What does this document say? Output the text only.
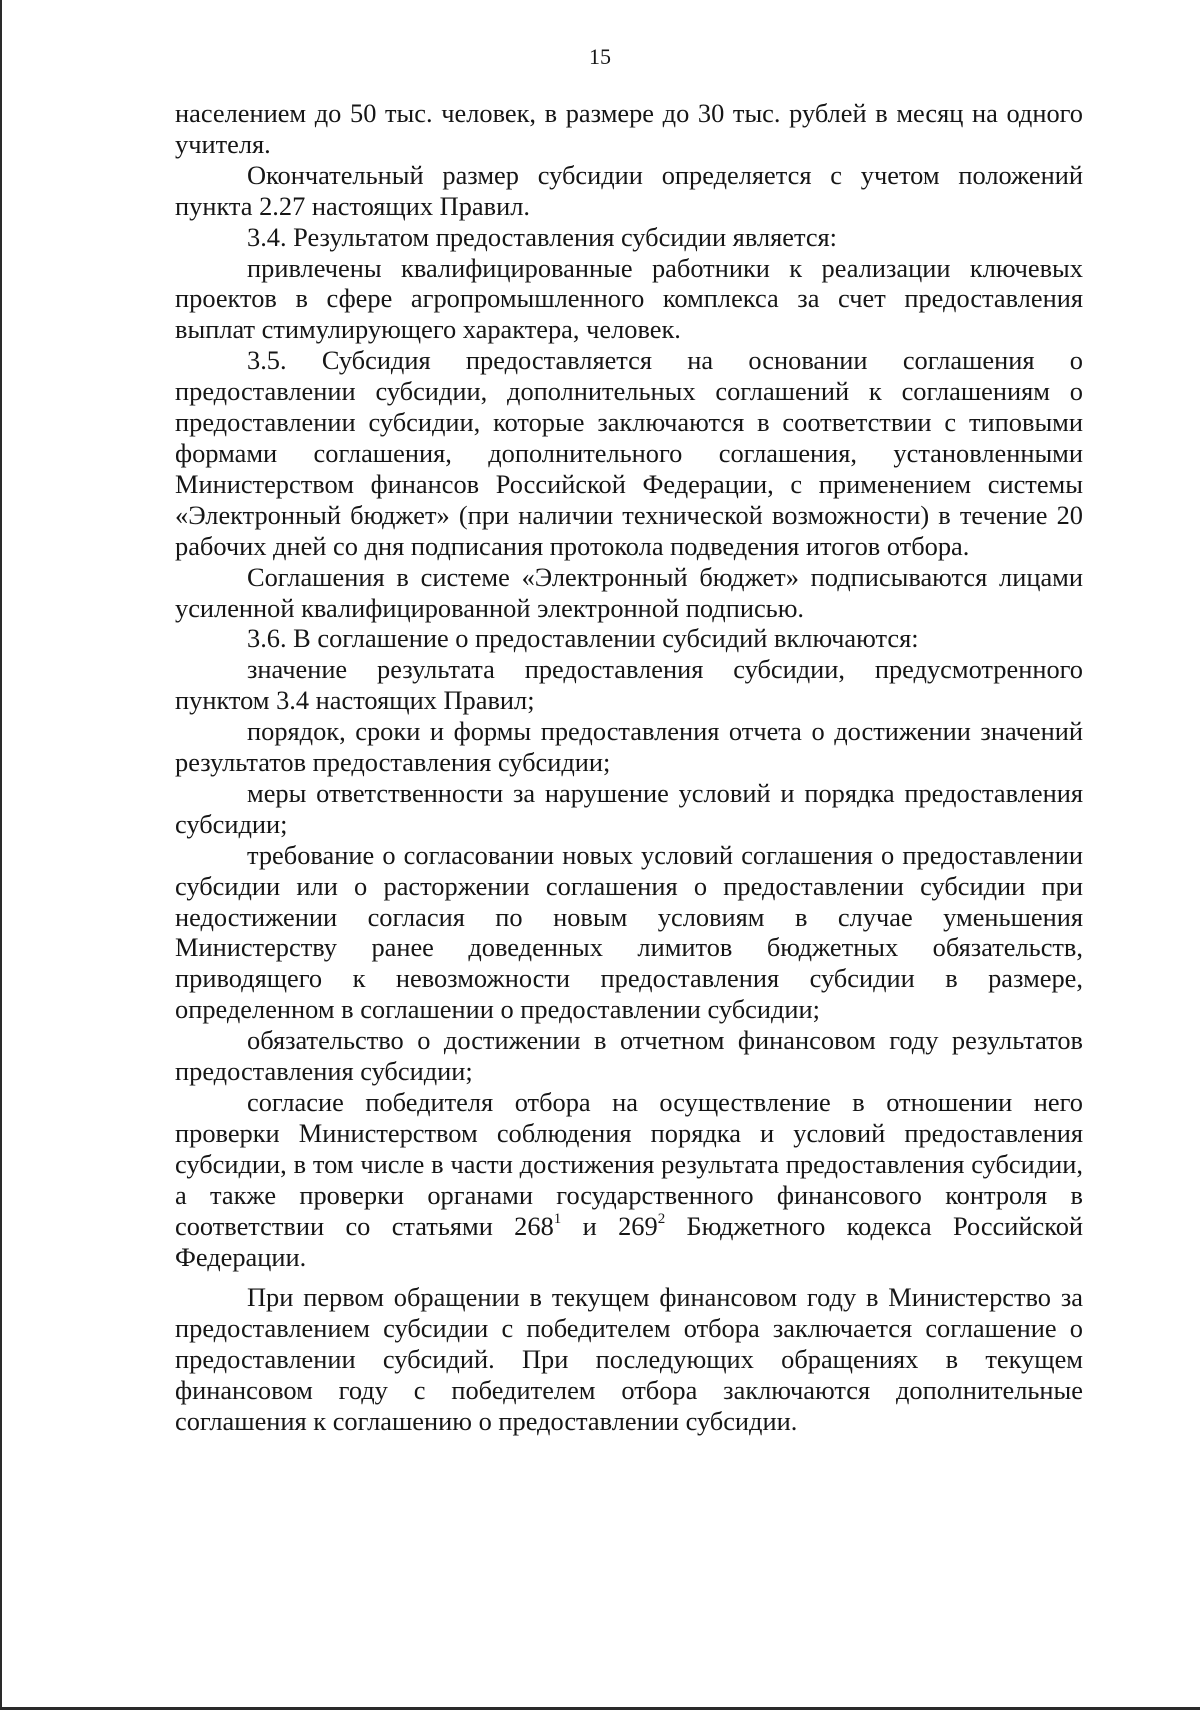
15

населением до 50 тыс. человек, в размере до 30 тыс. рублей в месяц на одного учителя.

Окончательный размер субсидии определяется с учетом положений пункта 2.27 настоящих Правил.

3.4. Результатом предоставления субсидии является:

привлечены квалифицированные работники к реализации ключевых проектов в сфере агропромышленного комплекса за счет предоставления выплат стимулирующего характера, человек.

3.5. Субсидия предоставляется на основании соглашения о предоставлении субсидии, дополнительных соглашений к соглашениям о предоставлении субсидии, которые заключаются в соответствии с типовыми формами соглашения, дополнительного соглашения, установленными Министерством финансов Российской Федерации, с применением системы «Электронный бюджет» (при наличии технической возможности) в течение 20 рабочих дней со дня подписания протокола подведения итогов отбора.

Соглашения в системе «Электронный бюджет» подписываются лицами усиленной квалифицированной электронной подписью.

3.6. В соглашение о предоставлении субсидий включаются:

значение результата предоставления субсидии, предусмотренного пунктом 3.4 настоящих Правил;

порядок, сроки и формы предоставления отчета о достижении значений результатов предоставления субсидии;

меры ответственности за нарушение условий и порядка предоставления субсидии;

требование о согласовании новых условий соглашения о предоставлении субсидии или о расторжении соглашения о предоставлении субсидии при недостижении согласия по новым условиям в случае уменьшения Министерству ранее доведенных лимитов бюджетных обязательств, приводящего к невозможности предоставления субсидии в размере, определенном в соглашении о предоставлении субсидии;

обязательство о достижении в отчетном финансовом году результатов предоставления субсидии;

согласие победителя отбора на осуществление в отношении него проверки Министерством соблюдения порядка и условий предоставления субсидии, в том числе в части достижения результата предоставления субсидии, а также проверки органами государственного финансового контроля в соответствии со статьями $268^1$ и $269^2$ Бюджетного кодекса Российской Федерации.

При первом обращении в текущем финансовом году в Министерство за предоставлением субсидии с победителем отбора заключается соглашение о предоставлении субсидий. При последующих обращениях в текущем финансовом году с победителем отбора заключаются дополнительные соглашения к соглашению о предоставлении субсидии.
